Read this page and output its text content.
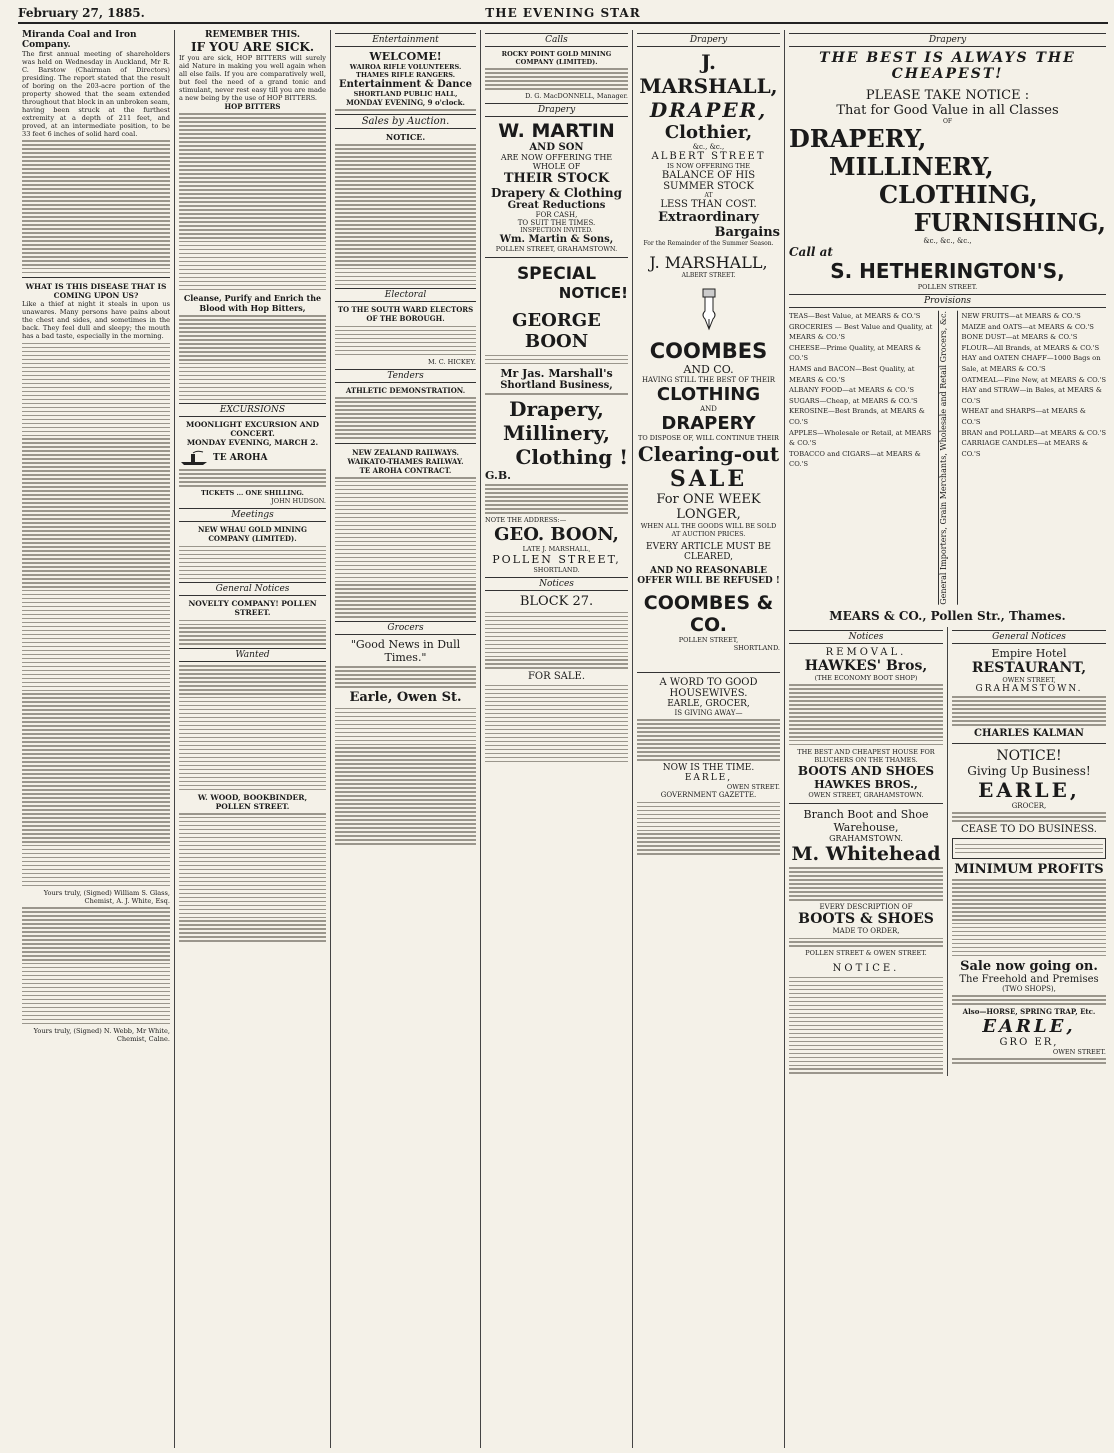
February 27, 1885.	THE EVENING STAR
Miranda Coal and Iron Company.
The first annual meeting of shareholders was held on Wednesday in Auckland, Mr R. C. Barstow (Chairman of Directors) presiding. The report stated that the result of boring on the 203-acre portion of the property showed that the seam extended throughout that block in an unbroken seam, having been struck at the furthest extremity at a depth of 211 feet, and proved, at an intermediate position, to be 33 feet 6 inches of solid hard coal.
WHAT IS THIS DISEASE THAT IS COMING UPON US?
Like a thief at night it steals in upon us unawares. Many persons have pains about the chest and sides, and sometimes in the back. They feel dull and sleepy; the mouth has a bad taste, especially in the morning.
Yours truly, (Signed) William S. Glass, Chemist, A. J. White, Esq.
Yours truly, (Signed) N. Webb, Mr White, Chemist, Calne.
REMEMBER THIS.
IF YOU ARE SICK.
If you are sick, HOP BITTERS will surely aid Nature in making you well again when all else fails. If you are comparatively well, but feel the need of a grand tonic and stimulant, never rest easy till you are made a new being by the use of HOP BITTERS.
HOP BITTERS
Cleanse, Purify and Enrich the Blood with Hop Bitters,
EXCURSIONS
MOONLIGHT EXCURSION AND CONCERT.
MONDAY EVENING, MARCH 2.
TE AROHA
TICKETS ... ONE SHILLING.
JOHN HUDSON.
Meetings
NEW WHAU GOLD MINING COMPANY (LIMITED).
General Notices
NOVELTY COMPANY! POLLEN STREET.
Wanted
W. WOOD, BOOKBINDER, POLLEN STREET.
Entertainment
WELCOME!
WAIROA RIFLE VOLUNTEERS.
THAMES RIFLE RANGERS.
Entertainment & Dance
SHORTLAND PUBLIC HALL,
MONDAY EVENING, 9 o'clock.
Sales by Auction.
NOTICE.
Electoral
TO THE SOUTH WARD ELECTORS OF THE BOROUGH.
M. C. HICKEY.
Tenders
ATHLETIC DEMONSTRATION.
NEW ZEALAND RAILWAYS.
WAIKATO-THAMES RAILWAY.
TE AROHA CONTRACT.
Grocers
"Good News in Dull Times."
Earle, Owen St.
Calls
ROCKY POINT GOLD MINING COMPANY (LIMITED).
D. G. MacDONNELL, Manager.
Drapery
W. MARTIN
AND SON
ARE NOW OFFERING THE WHOLE OF
THEIR STOCK
Drapery & Clothing
Great Reductions
FOR CASH,
TO SUIT THE TIMES.
INSPECTION INVITED.
Wm. Martin & Sons,
POLLEN STREET, GRAHAMSTOWN.
SPECIAL
NOTICE!
GEORGE BOON
Mr Jas. Marshall's
Shortland Business,
Drapery,
Millinery,
Clothing !
G.B.
NOTE THE ADDRESS:—
GEO. BOON,
LATE J. MARSHALL,
POLLEN STREET,
SHORTLAND.
Notices
BLOCK 27.
FOR SALE.
Drapery
J. MARSHALL,
DRAPER,
Clothier,
&c., &c.,
ALBERT STREET
IS NOW OFFERING THE
BALANCE OF HIS
SUMMER STOCK
AT
LESS THAN COST.
Extraordinary
Bargains
For the Remainder of the Summer Season.
J. MARSHALL,
ALBERT STREET.
COOMBES
AND CO.
HAVING STILL THE BEST OF THEIR
CLOTHING
AND
DRAPERY
TO DISPOSE OF, WILL CONTINUE THEIR
Clearing-out
SALE
For ONE WEEK
LONGER,
WHEN ALL THE GOODS WILL BE SOLD AT AUCTION PRICES.
EVERY ARTICLE MUST BE CLEARED,
AND NO REASONABLE OFFER WILL BE REFUSED !
COOMBES & CO.
POLLEN STREET,
SHORTLAND.
A WORD TO GOOD HOUSEWIVES.
EARLE, GROCER,
IS GIVING AWAY—
NOW IS THE TIME.
EARLE,
OWEN STREET.
GOVERNMENT GAZETTE.
Drapery
THE BEST IS ALWAYS THE CHEAPEST!
PLEASE TAKE NOTICE :
That for Good Value in all Classes
OF
DRAPERY,
MILLINERY,
CLOTHING,
FURNISHING,
&c., &c., &c.,
Call at
S. HETHERINGTON'S,
POLLEN STREET.
Provisions
TEAS—Best Value, at MEARS & CO.'S
GROCERIES — Best Value and Quality, at MEARS & CO.'S
CHEESE—Prime Quality, at MEARS & CO.'S
HAMS and BACON—Best Quality, at MEARS & CO.'S
ALBANY FOOD—at MEARS & CO.'S
SUGARS—Cheap, at MEARS & CO.'S
KEROSINE—Best Brands, at MEARS & CO.'S
APPLES—Wholesale or Retail, at MEARS & CO.'S
TOBACCO and CIGARS—at MEARS & CO.'S	General Importers, Grain Merchants, Wholesale and Retail Grocers, &c.	NEW FRUITS—at MEARS & CO.'S
MAIZE and OATS—at MEARS & CO.'S
BONE DUST—at MEARS & CO.'S
FLOUR—All Brands, at MEARS & CO.'S
HAY and OATEN CHAFF—1000 Bags on Sale, at MEARS & CO.'S
OATMEAL—Fine New, at MEARS & CO.'S
HAY and STRAW—in Bales, at MEARS & CO.'S
WHEAT and SHARPS—at MEARS & CO.'S
BRAN and POLLARD—at MEARS & CO.'S
CARRIAGE CANDLES—at MEARS & CO.'S
MEARS & CO., Pollen Str., Thames.
Notices
REMOVAL.
HAWKES' Bros,
(THE ECONOMY BOOT SHOP)
THE BEST AND CHEAPEST HOUSE FOR BLUCHERS ON THE THAMES.
BOOTS AND SHOES
HAWKES BROS.,
OWEN STREET, GRAHAMSTOWN.
Branch Boot and Shoe Warehouse,
GRAHAMSTOWN.
M. Whitehead
EVERY DESCRIPTION OF
BOOTS & SHOES
MADE TO ORDER,
POLLEN STREET & OWEN STREET.
NOTICE.
General Notices
Empire Hotel
RESTAURANT,
OWEN STREET,
GRAHAMSTOWN.
CHARLES KALMAN
NOTICE!
Giving Up Business!
EARLE,
GROCER,
CEASE TO DO BUSINESS.
MINIMUM PROFITS
Sale now going on.
The Freehold and Premises
(TWO SHOPS),
Also—HORSE, SPRING TRAP, Etc.
EARLE,
GRO ER,
OWEN STREET.
